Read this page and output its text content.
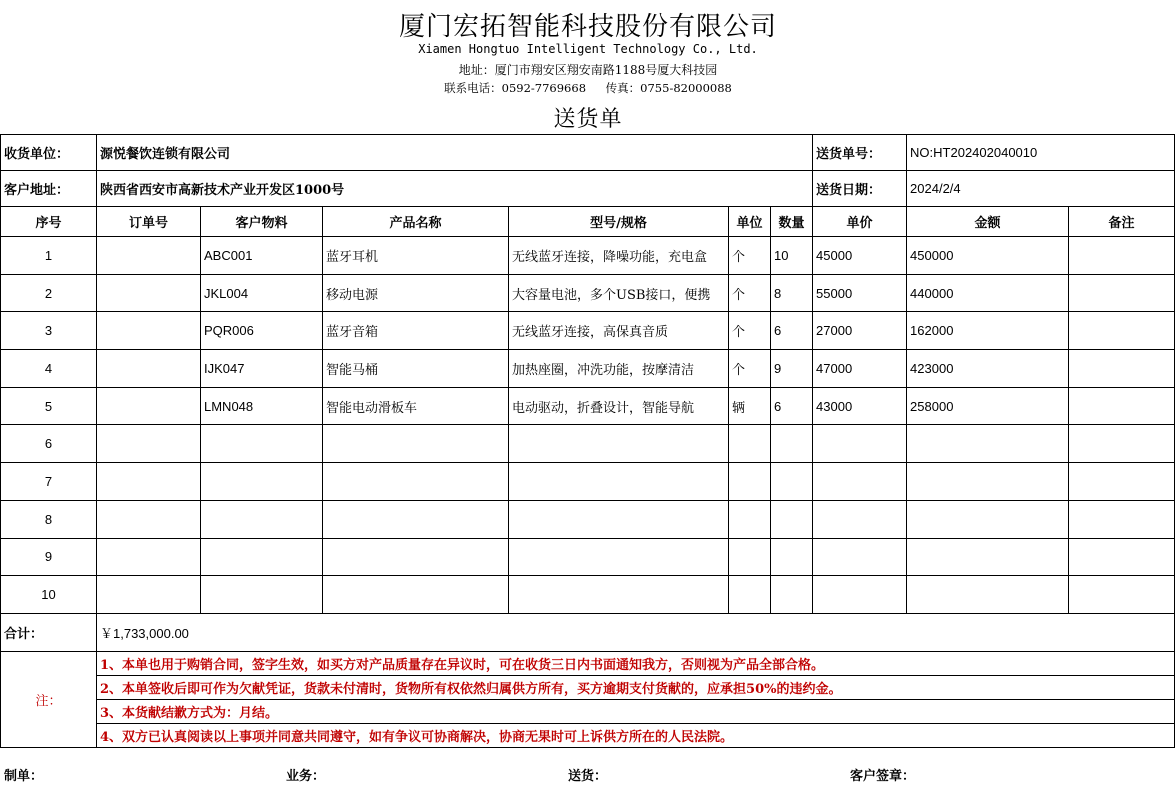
厦门宏拓智能科技股份有限公司
Xiamen Hongtuo Intelligent Technology Co., Ltd.
地址：厦门市翔安区翔安南路1188号厦大科技园
联系电话：0592-7769668 传真：0755-82000088
送货单
收货单位：	源悦餐饮连锁有限公司						送货单号：	NO:HT202402040010	
客户地址：	陕西省西安市高新技术产业开发区1000号						送货日期：	2024/2/4	
序号	订单号	客户物料	产品名称	型号/规格	单位	数量	单价	金额	备注
1		ABC001	蓝牙耳机	无线蓝牙连接，降噪功能，充电盒	个	10	45000	450000	
2		JKL004	移动电源	大容量电池，多个USB接口，便携	个	8	55000	440000	
3		PQR006	蓝牙音箱	无线蓝牙连接，高保真音质	个	6	27000	162000	
4		IJK047	智能马桶	加热座圈，冲洗功能，按摩清洁	个	9	47000	423000	
5		LMN048	智能电动滑板车	电动驱动，折叠设计，智能导航	辆	6	43000	258000	
6									
7									
8									
9									
10									
合计：	￥1,733,000.00								
注：	1、本单也用于购销合同，签字生效，如买方对产品质量存在异议时，可在收货三日内书面通知我方，否则视为产品全部合格。								
	2、本单签收后即可作为欠献凭证，货款未付清时，货物所有权依然归属供方所有，买方逾期支付货献的，应承担50%的违约金。								
	3、本货献结歉方式为：月结。								
	4、双方已认真阅读以上事项并同意共同遵守，如有争议可协商解决，协商无果时可上诉供方所在的人民法院。								
制单：	业务：	送货：	客户签章：
